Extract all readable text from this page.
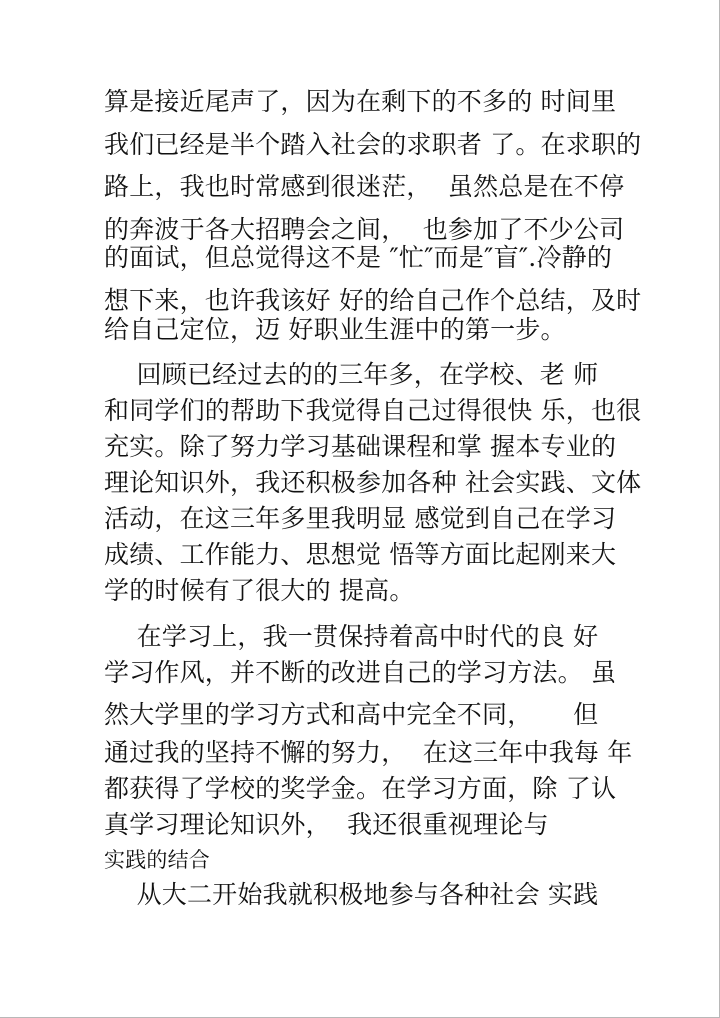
算是接近尾声了，因为在剩下的不多的 时间里
我们已经是半个踏入社会的求职者 了。在求职的
路上，我也时常感到很迷茫，  虽然总是在不停
的奔波于各大招聘会之间，  也参加了不少公司
的面试，但总觉得这不是 ″忙″而是″盲″.冷静的
想下来，也许我该好 好的给自己作个总结，及时
给自己定位，迈 好职业生涯中的第一步。
回顾已经过去的的三年多，在学校、老 师
和同学们的帮助下我觉得自己过得很快 乐，也很
充实。除了努力学习基础课程和掌 握本专业的
理论知识外，我还积极参加各种 社会实践、文体
活动，在这三年多里我明显 感觉到自己在学习
成绩、工作能力、思想觉 悟等方面比起刚来大
学的时候有了很大的 提高。
在学习上，我一贯保持着高中时代的良 好
学习作风，并不断的改进自己的学习方法。 虽
然大学里的学习方式和高中完全不同，     但
通过我的坚持不懈的努力，  在这三年中我每 年
都获得了学校的奖学金。在学习方面，除 了认
真学习理论知识外，  我还很重视理论与
实践的结合
从大二开始我就积极地参与各种社会 实践
